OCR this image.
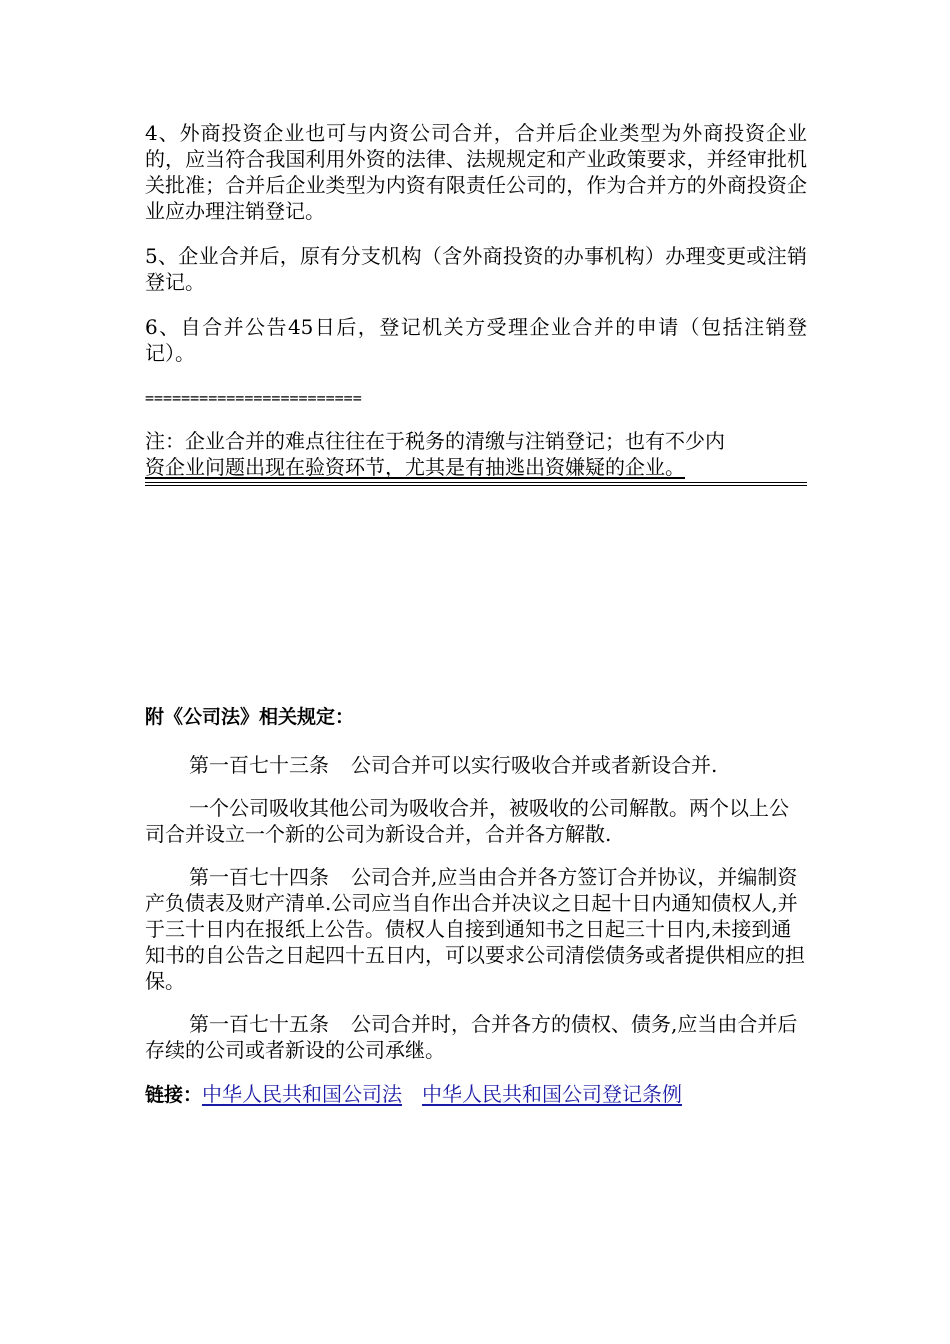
4、外商投资企业也可与内资公司合并，合并后企业类型为外商投资企业的，应当符合我国利用外资的法律、法规规定和产业政策要求，并经审批机关批准；合并后企业类型为内资有限责任公司的，作为合并方的外商投资企业应办理注销登记。

5、企业合并后，原有分支机构（含外商投资的办事机构）办理变更或注销登记。

6、自合并公告45日后，登记机关方受理企业合并的申请（包括注销登记）。

========================
注：企业合并的难点往往在于税务的清缴与注销登记；也有不少内
资企业问题出现在验资环节，尤其是有抽逃出资嫌疑的企业。
附《公司法》相关规定：

第一百七十三条 公司合并可以实行吸收合并或者新设合并.

一个公司吸收其他公司为吸收合并，被吸收的公司解散。两个以上公司合并设立一个新的公司为新设合并，合并各方解散.

第一百七十四条 公司合并,应当由合并各方签订合并协议，并编制资产负债表及财产清单.公司应当自作出合并决议之日起十日内通知债权人,并于三十日内在报纸上公告。债权人自接到通知书之日起三十日内,未接到通知书的自公告之日起四十五日内，可以要求公司清偿债务或者提供相应的担保。

第一百七十五条 公司合并时，合并各方的债权、债务,应当由合并后存续的公司或者新设的公司承继。

链接：中华人民共和国公司法 中华人民共和国公司登记条例
